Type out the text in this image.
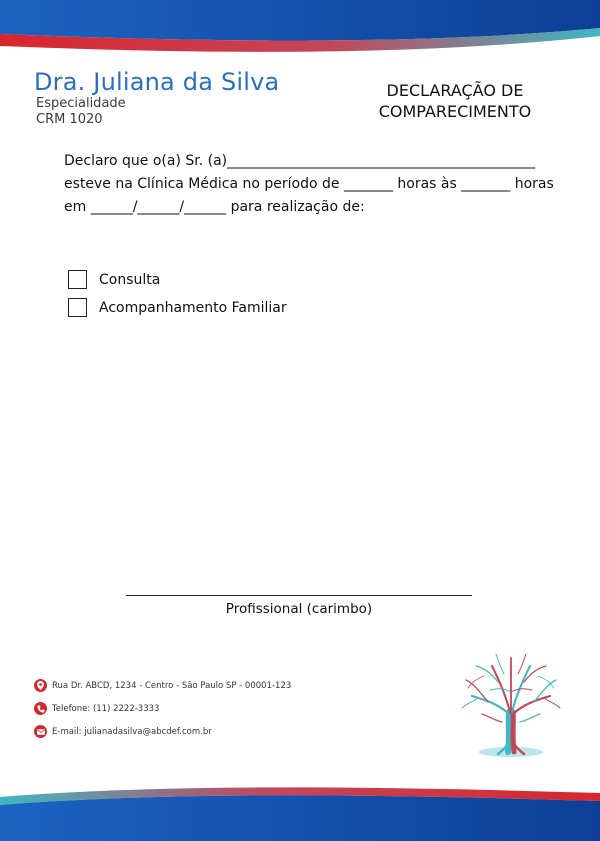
Dra. Juliana da Silva
Especialidade
CRM 1020
DECLARAÇÃO DE
COMPARECIMENTO
Declaro que o(a) Sr. (a)____________________________________________
esteve na Clínica Médica no período de _______ horas às _______ horas
em ______/______/______ para realização de:
Consulta
Acompanhamento Familiar
Profissional (carimbo)
Rua Dr. ABCD, 1234 - Centro - São Paulo SP - 00001-123
Telefone: (11) 2222-3333
E-mail: julianadasilva@abcdef.com.br
